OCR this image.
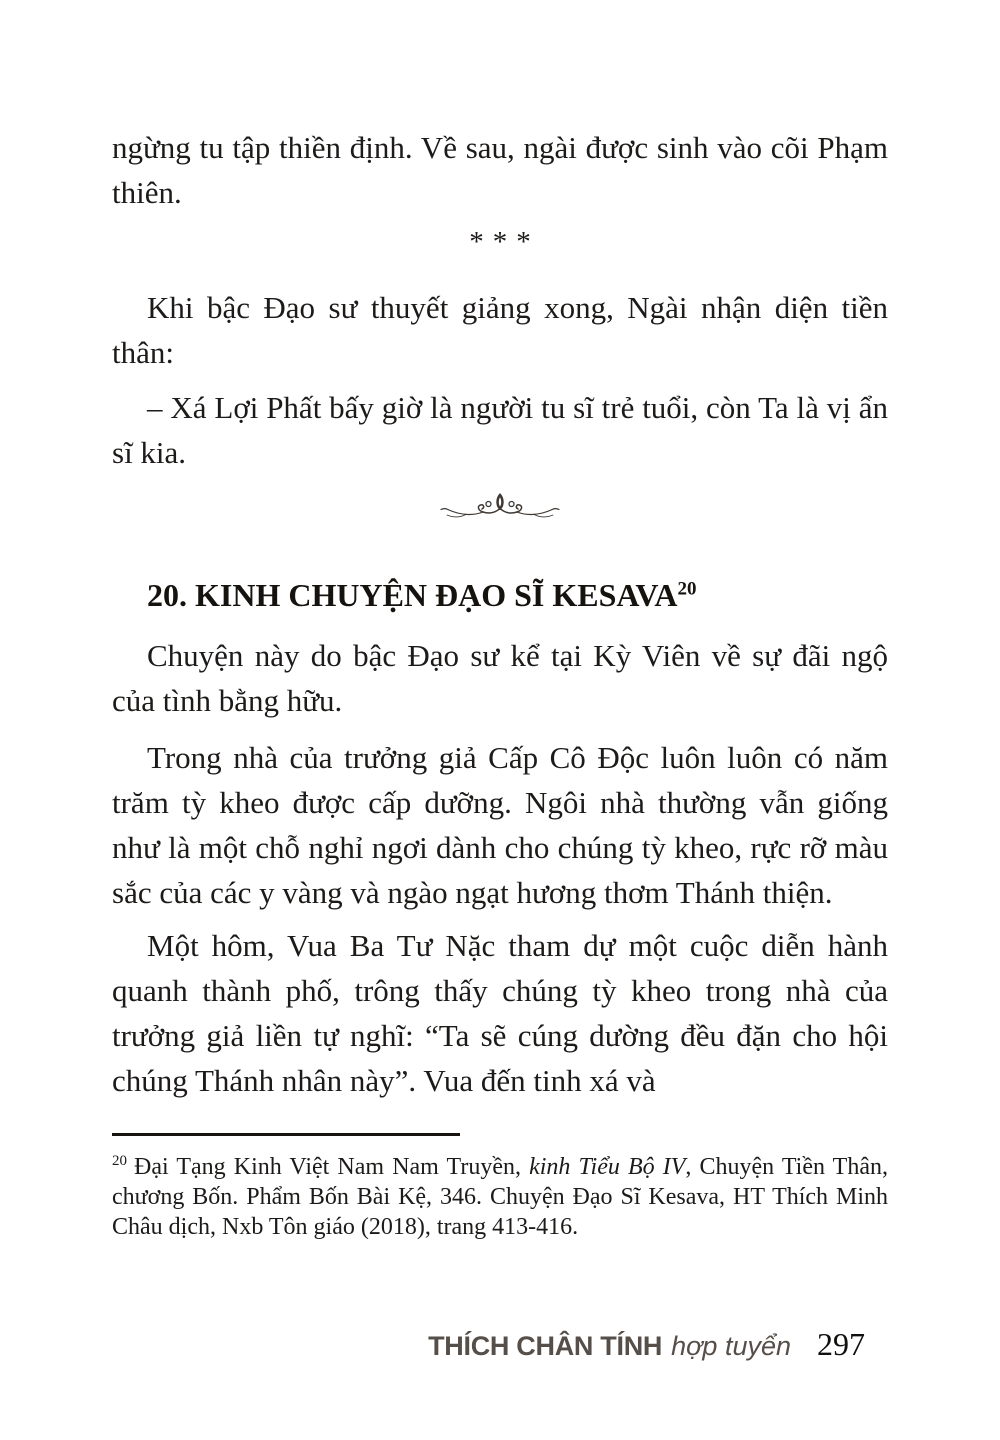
ngừng tu tập thiền định. Về sau, ngài được sinh vào cõi Phạm thiên.

***

Khi bậc Đạo sư thuyết giảng xong, Ngài nhận diện tiền thân:

– Xá Lợi Phất bấy giờ là người tu sĩ trẻ tuổi, còn Ta là vị ẩn sĩ kia.

20. KINH CHUYỆN ĐẠO SĨ KESAVA$^{20}$

Chuyện này do bậc Đạo sư kể tại Kỳ Viên về sự đãi ngộ của tình bằng hữu.

Trong nhà của trưởng giả Cấp Cô Độc luôn luôn có năm trăm tỳ kheo được cấp dưỡng. Ngôi nhà thường vẫn giống như là một chỗ nghỉ ngơi dành cho chúng tỳ kheo, rực rỡ màu sắc của các y vàng và ngào ngạt hương thơm Thánh thiện.

Một hôm, Vua Ba Tư Nặc tham dự một cuộc diễn hành quanh thành phố, trông thấy chúng tỳ kheo trong nhà của trưởng giả liền tự nghĩ: “Ta sẽ cúng dường đều đặn cho hội chúng Thánh nhân này”. Vua đến tinh xá và

$^{20}$ Đại Tạng Kinh Việt Nam Nam Truyền, kinh Tiểu Bộ IV, Chuyện Tiền Thân, chương Bốn. Phẩm Bốn Bài Kệ, 346. Chuyện Đạo Sĩ Kesava, HT Thích Minh Châu dịch, Nxb Tôn giáo (2018), trang 413-416.

THÍCH CHÂN TÍNH hợp tuyển 297
